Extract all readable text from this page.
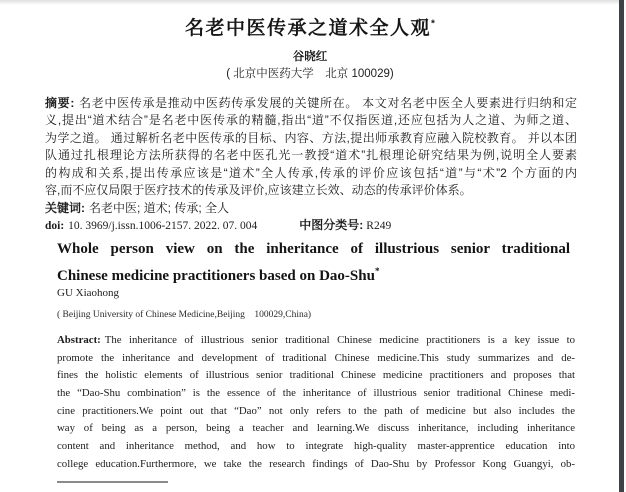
名老中医传承之道术全人观*
谷晓红
( 北京中医药大学　北京 100029)
摘要: 名老中医传承是推动中医药传承发展的关键所在。 本文对名老中医全人要素进行归纳和定
义,提出“道术结合”是名老中医传承的精髓,指出“道”不仅指医道,还应包括为人之道、为师之道、
为学之道。 通过解析名老中医传承的目标、内容、方法,提出师承教育应融入院校教育。 并以本团
队通过扎根理论方法所获得的名老中医孔光一教授“道术”扎根理论研究结果为例,说明全人要素
的构成和关系,提出传承应该是“道术”全人传承,传承的评价应该包括“道”与“术”2 个方面的内
容,而不应仅局限于医疗技术的传承及评价,应该建立长效、动态的传承评价体系。
关键词: 名老中医; 道术; 传承; 全人
doi: 10. 3969/j.issn.1006-2157. 2022. 07. 004	中图分类号: R249
Whole person view on the inheritance of illustrious senior traditional
Chinese medicine practitioners based on Dao-Shu*
GU Xiaohong
( Beijing University of Chinese Medicine,Beijing　100029,China)
Abstract: The inheritance of illustrious senior traditional Chinese medicine practitioners is a key issue to
promote the inheritance and development of traditional Chinese medicine.This study summarizes and de-
fines the holistic elements of illustrious senior traditional Chinese medicine practitioners and proposes that
the “Dao-Shu combination” is the essence of the inheritance of illustrious senior traditional Chinese medi-
cine practitioners.We point out that “Dao” not only refers to the path of medicine but also includes the
way of being as a person, being a teacher and learning.We discuss inheritance, including inheritance
content and inheritance method, and how to integrate high-quality master-apprentice education into
college education.Furthermore, we take the research findings of Dao-Shu by Professor Kong Guangyi, ob-
